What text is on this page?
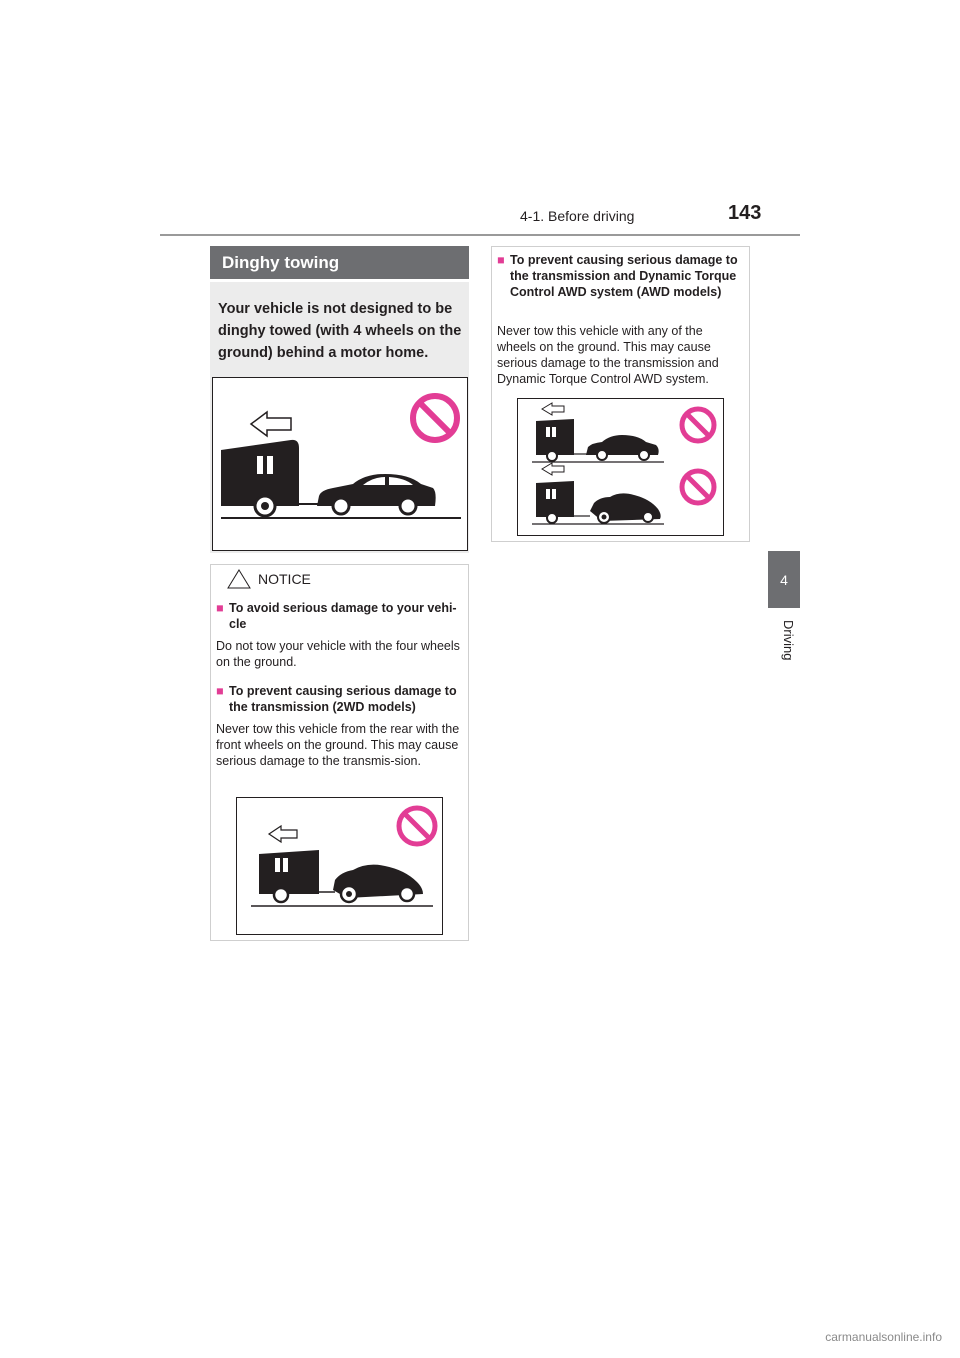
4-1. Before driving	143
4
Driving
Dinghy towing
Your vehicle is not designed to be dinghy towed (with 4 wheels on the ground) behind a motor home.
NOTICE
■ To avoid serious damage to your vehi-cle
Do not tow your vehicle with the four wheels on the ground.
■ To prevent causing serious damage to the transmission (2WD models)
Never tow this vehicle from the rear with the front wheels on the ground. This may cause serious damage to the transmis-sion.
■ To prevent causing serious damage to the transmission and Dynamic Torque Control AWD system (AWD models)
Never tow this vehicle with any of the wheels on the ground. This may cause serious damage to the transmission and Dynamic Torque Control AWD system.
carmanualsonline.info
